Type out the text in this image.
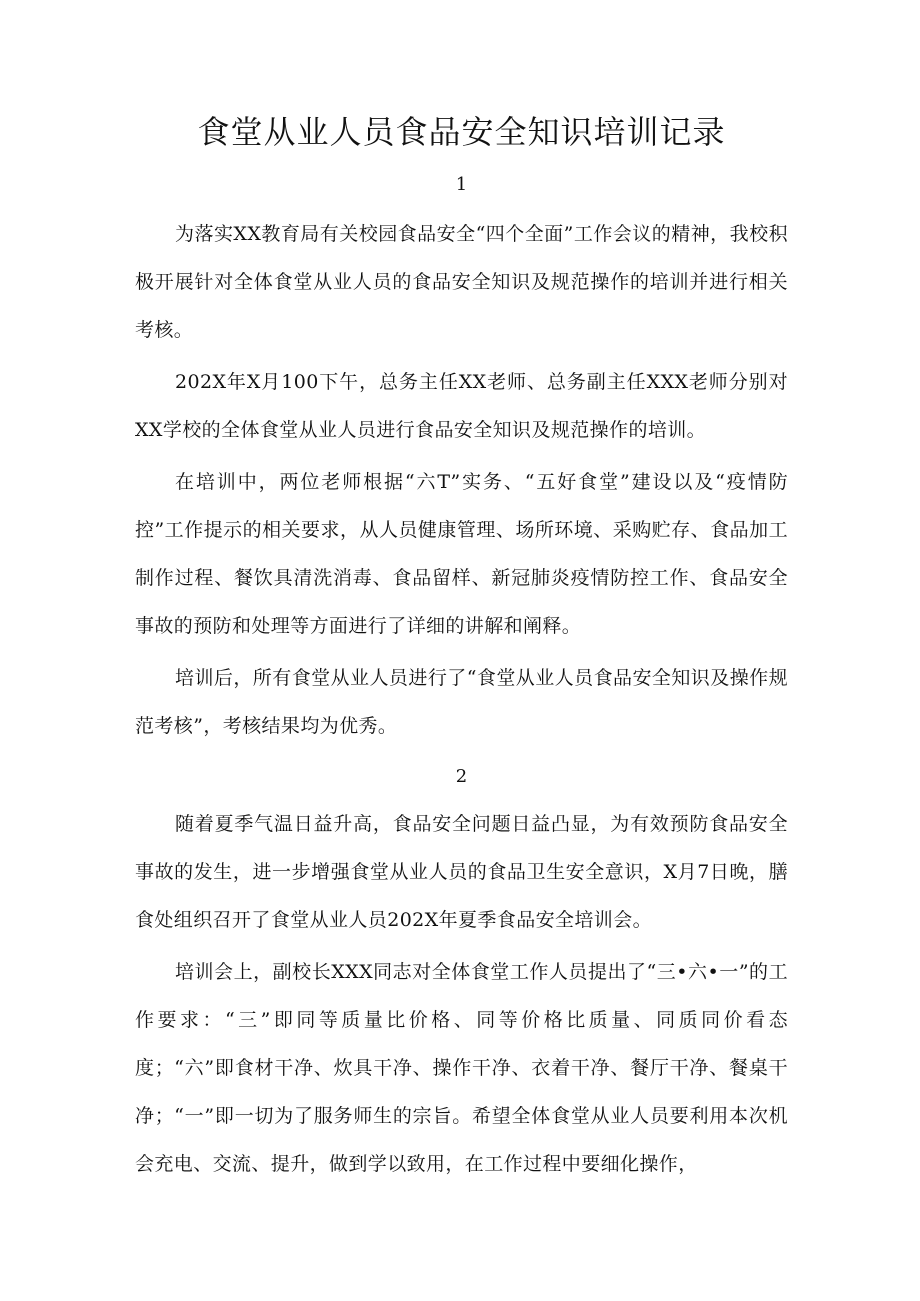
食堂从业人员食品安全知识培训记录
1

为落实XX教育局有关校园食品安全“四个全面”工作会议的精神，我校积极开展针对全体食堂从业人员的食品安全知识及规范操作的培训并进行相关考核。

202X年X月100下午，总务主任XX老师、总务副主任XXX老师分别对XX学校的全体食堂从业人员进行食品安全知识及规范操作的培训。

在培训中，两位老师根据“六T”实务、“五好食堂”建设以及“疫情防控”工作提示的相关要求，从人员健康管理、场所环境、采购贮存、食品加工制作过程、餐饮具清洗消毒、食品留样、新冠肺炎疫情防控工作、食品安全事故的预防和处理等方面进行了详细的讲解和阐释。

培训后，所有食堂从业人员进行了“食堂从业人员食品安全知识及操作规范考核”，考核结果均为优秀。

2

随着夏季气温日益升高，食品安全问题日益凸显，为有效预防食品安全事故的发生，进一步增强食堂从业人员的食品卫生安全意识，X月7日晚，膳食处组织召开了食堂从业人员202X年夏季食品安全培训会。

培训会上，副校长XXX同志对全体食堂工作人员提出了“三•六•一”的工作要求：“三”即同等质量比价格、同等价格比质量、同质同价看态度；“六”即食材干净、炊具干净、操作干净、衣着干净、餐厅干净、餐桌干净；“一”即一切为了服务师生的宗旨。希望全体食堂从业人员要利用本次机会充电、交流、提升，做到学以致用，在工作过程中要细化操作，
